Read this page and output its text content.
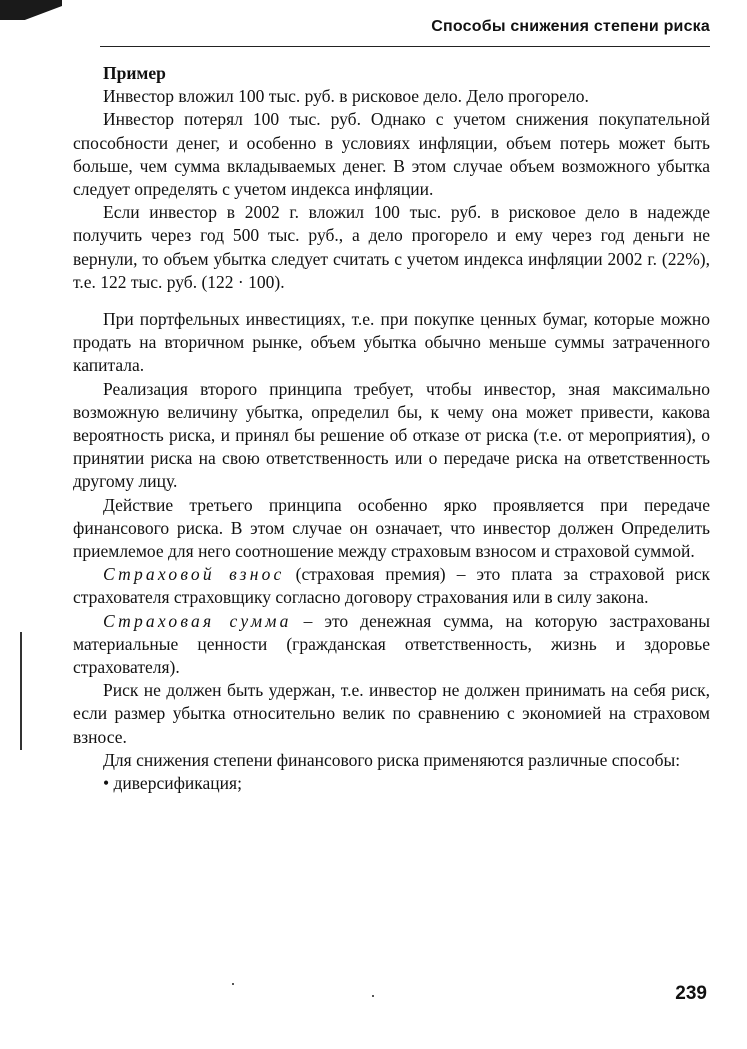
Способы снижения степени риска
Пример

Инвестор вложил 100 тыс. руб. в рисковое дело. Дело прогорело.

Инвестор потерял 100 тыс. руб. Однако с учетом снижения покупательной способности денег, и особенно в условиях инфляции, объем потерь может быть больше, чем сумма вкладываемых денег. В этом случае объем возможного убытка следует определять с учетом индекса инфляции.

Если инвестор в 2002 г. вложил 100 тыс. руб. в рисковое дело в надежде получить через год 500 тыс. руб., а дело прогорело и ему через год деньги не вернули, то объем убытка следует считать с учетом индекса инфляции 2002 г. (22%), т.е. 122 тыс. руб. (122 · 100).

При портфельных инвестициях, т.е. при покупке ценных бумаг, которые можно продать на вторичном рынке, объем убытка обычно меньше суммы затраченного капитала.

Реализация второго принципа требует, чтобы инвестор, зная максимально возможную величину убытка, определил бы, к чему она может привести, какова вероятность риска, и принял бы решение об отказе от риска (т.е. от мероприятия), о принятии риска на свою ответственность или о передаче риска на ответственность другому лицу.

Действие третьего принципа особенно ярко проявляется при передаче финансового риска. В этом случае он означает, что инвестор должен Определить приемлемое для него соотношение между страховым взносом и страховой суммой.

Страховой взнос (страховая премия) – это плата за страховой риск страхователя страховщику согласно договору страхования или в силу закона.

Страховая сумма – это денежная сумма, на которую застрахованы материальные ценности (гражданская ответственность, жизнь и здоровье страхователя).

Риск не должен быть удержан, т.е. инвестор не должен принимать на себя риск, если размер убытка относительно велик по сравнению с экономией на страховом взносе.

Для снижения степени финансового риска применяются различные способы:

• диверсификация;

239
